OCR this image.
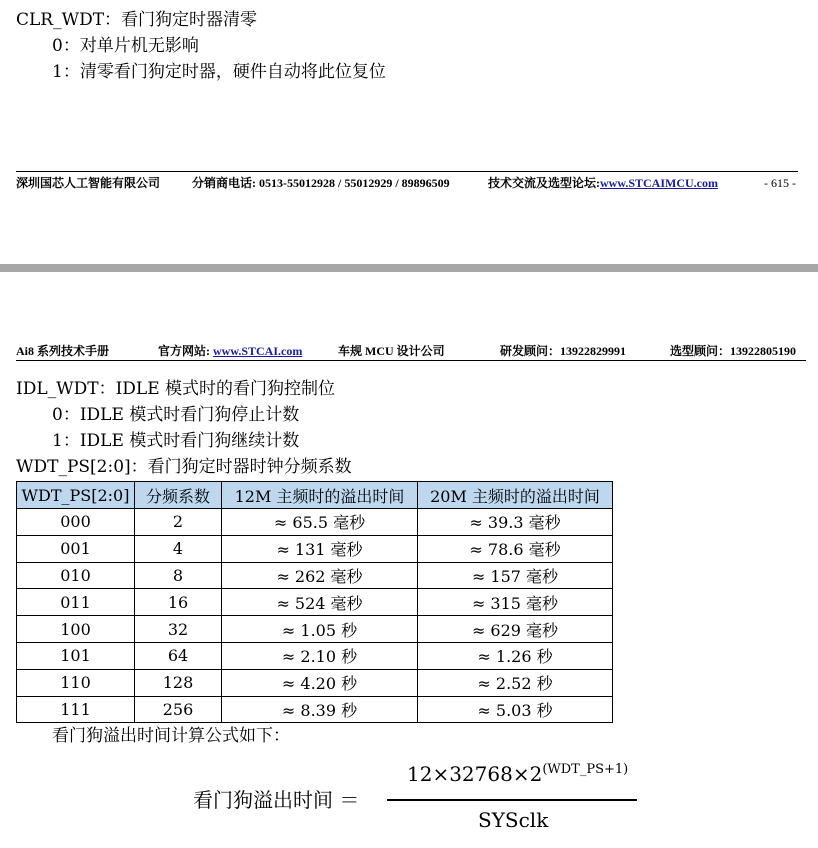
CLR_WDT：看门狗定时器清零
0：对单片机无影响
1：清零看门狗定时器，硬件自动将此位复位
深圳国芯人工智能有限公司	分销商电话: 0513-55012928 / 55012929 / 89896509	技术交流及选型论坛:www.STCAIMCU.com	- 615 -
Ai8 系列技术手册	官方网站: www.STCAI.com	车规 MCU 设计公司	研发顾问：13922829991	选型顾问：13922805190
IDL_WDT：IDLE 模式时的看门狗控制位
0：IDLE 模式时看门狗停止计数
1：IDLE 模式时看门狗继续计数
WDT_PS[2:0]：看门狗定时器时钟分频系数
WDT_PS[2:0]	分频系数	12M 主频时的溢出时间	20M 主频时的溢出时间
000	2	≈ 65.5 毫秒	≈ 39.3 毫秒
001	4	≈ 131 毫秒	≈ 78.6 毫秒
010	8	≈ 262 毫秒	≈ 157 毫秒
011	16	≈ 524 毫秒	≈ 315 毫秒
100	32	≈ 1.05 秒	≈ 629 毫秒
101	64	≈ 2.10 秒	≈ 1.26 秒
110	128	≈ 4.20 秒	≈ 2.52 秒
111	256	≈ 8.39 秒	≈ 5.03 秒
看门狗溢出时间计算公式如下：
看门狗溢出时间 ＝
$12\times 32768\times 2^{(WDT\_PS+1)}$
SYSclk
